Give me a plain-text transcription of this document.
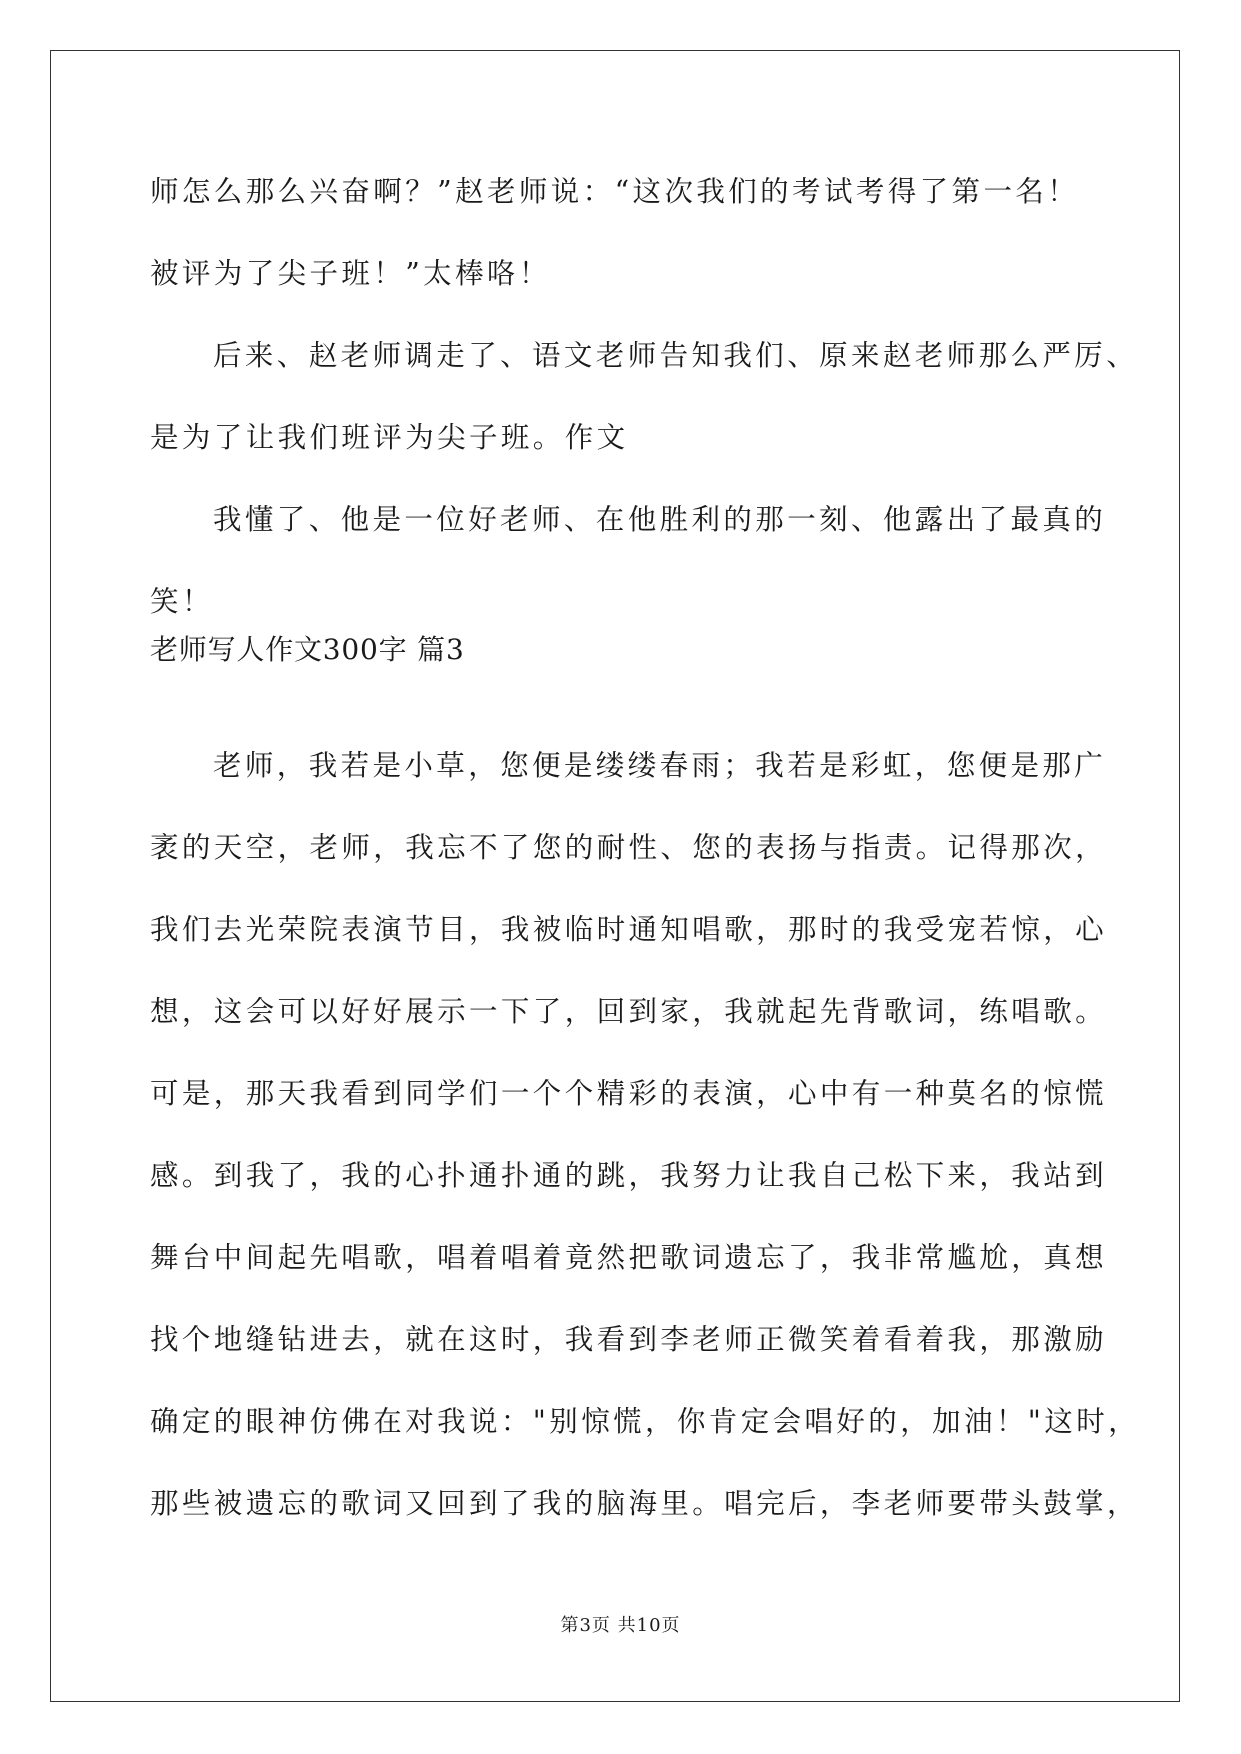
师怎么那么兴奋啊？”赵老师说：“这次我们的考试考得了第一名！
被评为了尖子班！”太棒咯！
后来、赵老师调走了、语文老师告知我们、原来赵老师那么严厉、
是为了让我们班评为尖子班。作文
我懂了、他是一位好老师、在他胜利的那一刻、他露出了最真的
笑！
老师写人作文300字 篇3
老师，我若是小草，您便是缕缕春雨；我若是彩虹，您便是那广
袤的天空，老师，我忘不了您的耐性、您的表扬与指责。记得那次，
我们去光荣院表演节目，我被临时通知唱歌，那时的我受宠若惊，心
想，这会可以好好展示一下了，回到家，我就起先背歌词，练唱歌。
可是，那天我看到同学们一个个精彩的表演，心中有一种莫名的惊慌
感。到我了，我的心扑通扑通的跳，我努力让我自己松下来，我站到
舞台中间起先唱歌，唱着唱着竟然把歌词遗忘了，我非常尴尬，真想
找个地缝钻进去，就在这时，我看到李老师正微笑着看着我，那激励
确定的眼神仿佛在对我说："别惊慌，你肯定会唱好的，加油！"这时，
那些被遗忘的歌词又回到了我的脑海里。唱完后，李老师要带头鼓掌，
第3页 共10页
